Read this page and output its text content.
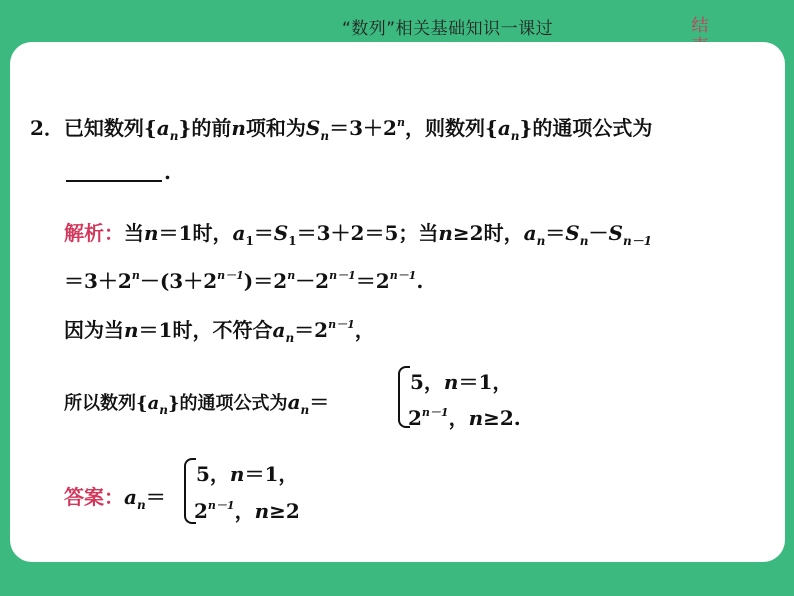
“数列”相关基础知识一课过	结
2．已知数列$\{a_n\}$的前n项和为$S_n=3+2^n$，则数列$\{a_n\}$的通项公式为
.
解析：当n＝1时，$a_1=S_1=3+2=5$；当n≥2时，$a_n=S_n-S_{n-1}$
$=3+2^n-(3+2^{n-1})=2^n-2^{n-1}=2^{n-1}$.
因为当n＝1时，不符合$a_n=2^{n-1}$，
所以数列$\{a_n\}$的通项公式为$a_n=$
5，n＝1，
$2^{n-1}$，n≥2.
答案：$a_n=$
5，n＝1，
$2^{n-1}$，n≥2
